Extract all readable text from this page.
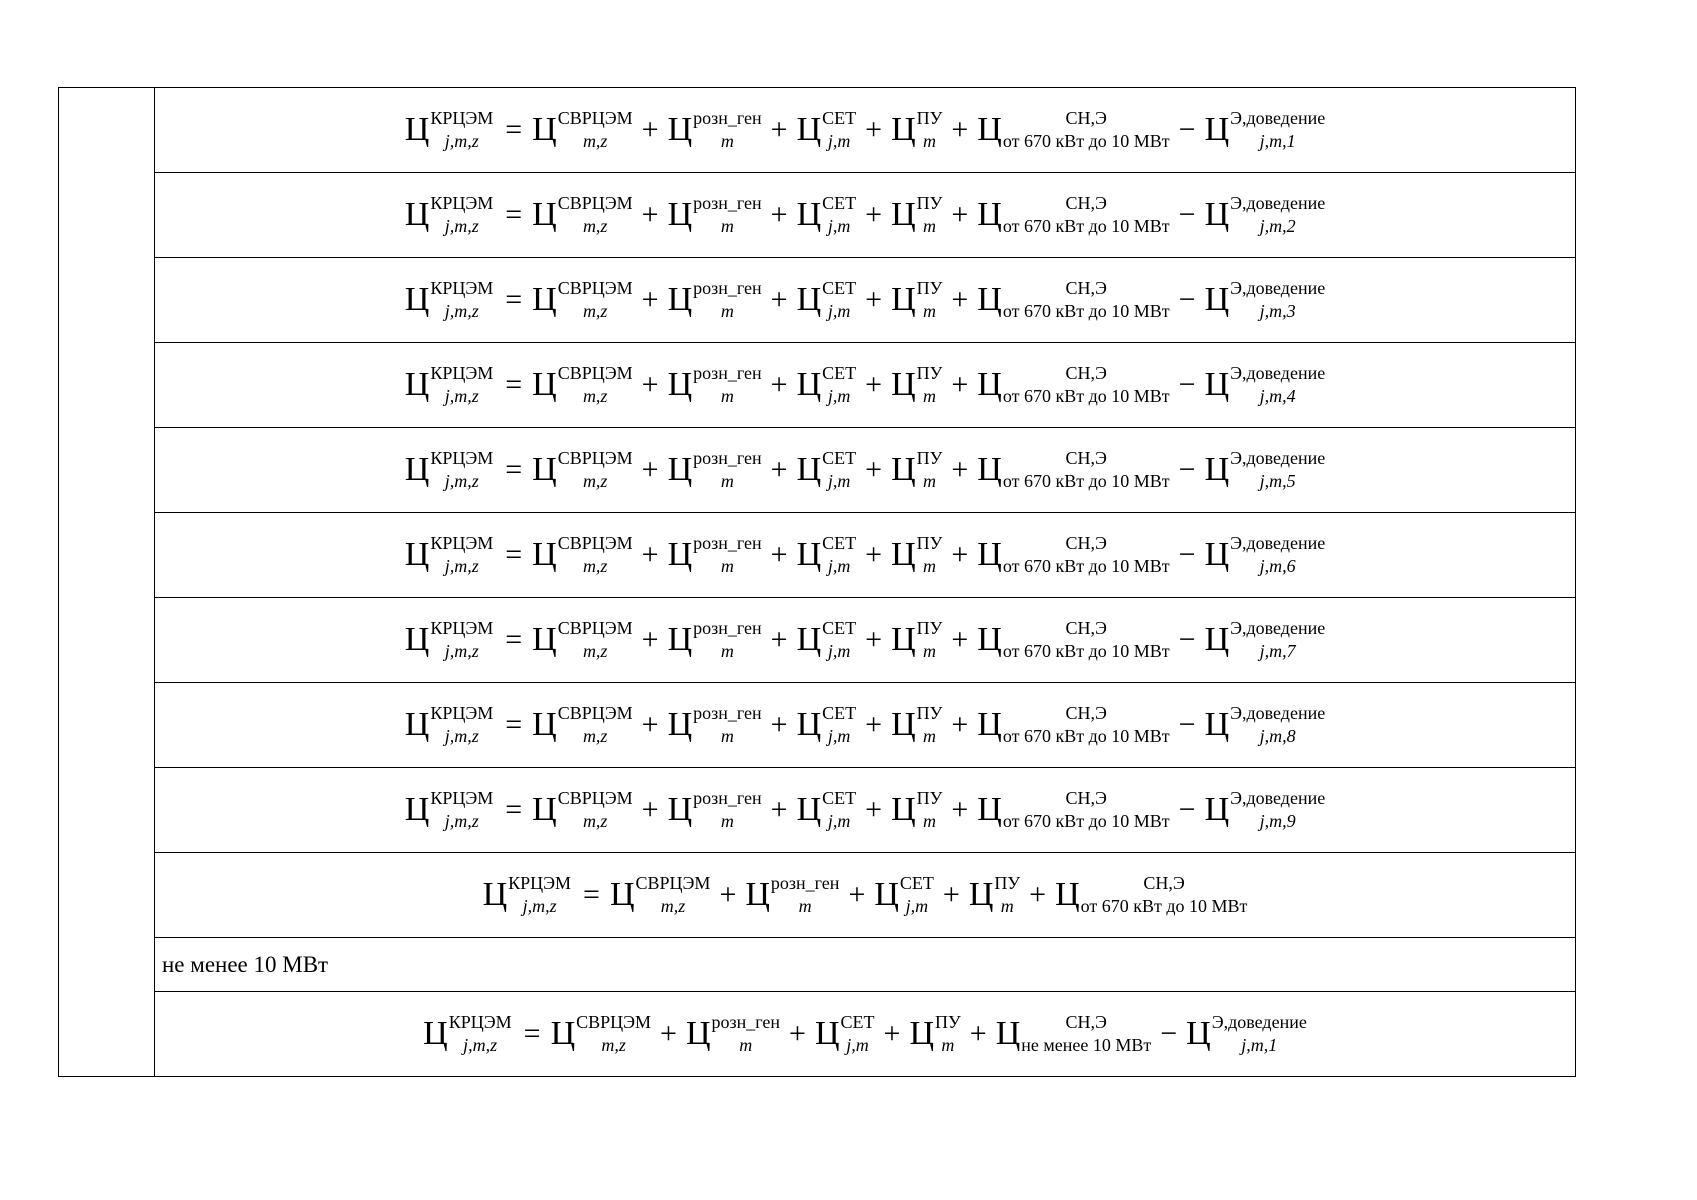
Ц КРЦЭМ
j,m,z = Ц СВРЦЭМ
m,z	+ Ц розн_ген
m	+ Ц СЕТ
j,m + Ц ПУ
m + Ц	СН,Э
от 670 кВт до 10 МВт − Ц Э,доведение
j,m,1

Ц КРЦЭМ
j,m,z = Ц СВРЦЭМ
m,z	+ Ц розн_ген
m	+ Ц СЕТ
j,m + Ц ПУ
m + Ц	СН,Э
от 670 кВт до 10 МВт − Ц Э,доведение
j,m,2

Ц КРЦЭМ
j,m,z = Ц СВРЦЭМ
m,z	+ Ц розн_ген
m	+ Ц СЕТ
j,m + Ц ПУ
m + Ц	СН,Э
от 670 кВт до 10 МВт − Ц Э,доведение
j,m,3

Ц КРЦЭМ
j,m,z = Ц СВРЦЭМ
m,z	+ Ц розн_ген
m	+ Ц СЕТ
j,m + Ц ПУ
m + Ц	СН,Э
от 670 кВт до 10 МВт − Ц Э,доведение
j,m,4

Ц КРЦЭМ
j,m,z = Ц СВРЦЭМ
m,z	+ Ц розн_ген
m	+ Ц СЕТ
j,m + Ц ПУ
m + Ц	СН,Э
от 670 кВт до 10 МВт − Ц Э,доведение
j,m,5

Ц КРЦЭМ
j,m,z = Ц СВРЦЭМ
m,z	+ Ц розн_ген
m	+ Ц СЕТ
j,m + Ц ПУ
m + Ц	СН,Э
от 670 кВт до 10 МВт − Ц Э,доведение
j,m,6

Ц КРЦЭМ
j,m,z = Ц СВРЦЭМ
m,z	+ Ц розн_ген
m	+ Ц СЕТ
j,m + Ц ПУ
m + Ц	СН,Э
от 670 кВт до 10 МВт − Ц Э,доведение
j,m,7

Ц КРЦЭМ
j,m,z = Ц СВРЦЭМ
m,z	+ Ц розн_ген
m	+ Ц СЕТ
j,m + Ц ПУ
m + Ц	СН,Э
от 670 кВт до 10 МВт − Ц Э,доведение
j,m,8

Ц КРЦЭМ
j,m,z = Ц СВРЦЭМ
m,z	+ Ц розн_ген
m	+ Ц СЕТ
j,m + Ц ПУ
m + Ц	СН,Э
от 670 кВт до 10 МВт − Ц Э,доведение
j,m,9

Ц КРЦЭМ
j,m,z = Ц СВРЦЭМ
m,z	+ Ц розн_ген
m	+ Ц СЕТ
j,m + Ц ПУ
m + Ц	СН,Э
от 670 кВт до 10 МВт

не менее 10 МВт

Ц КРЦЭМ
j,m,z = Ц СВРЦЭМ
m,z	+ Ц розн_ген
m	+ Ц СЕТ
j,m + Ц ПУ
m + Ц	СН,Э
не менее 10 МВт − Ц Э,доведение
j,m,1
